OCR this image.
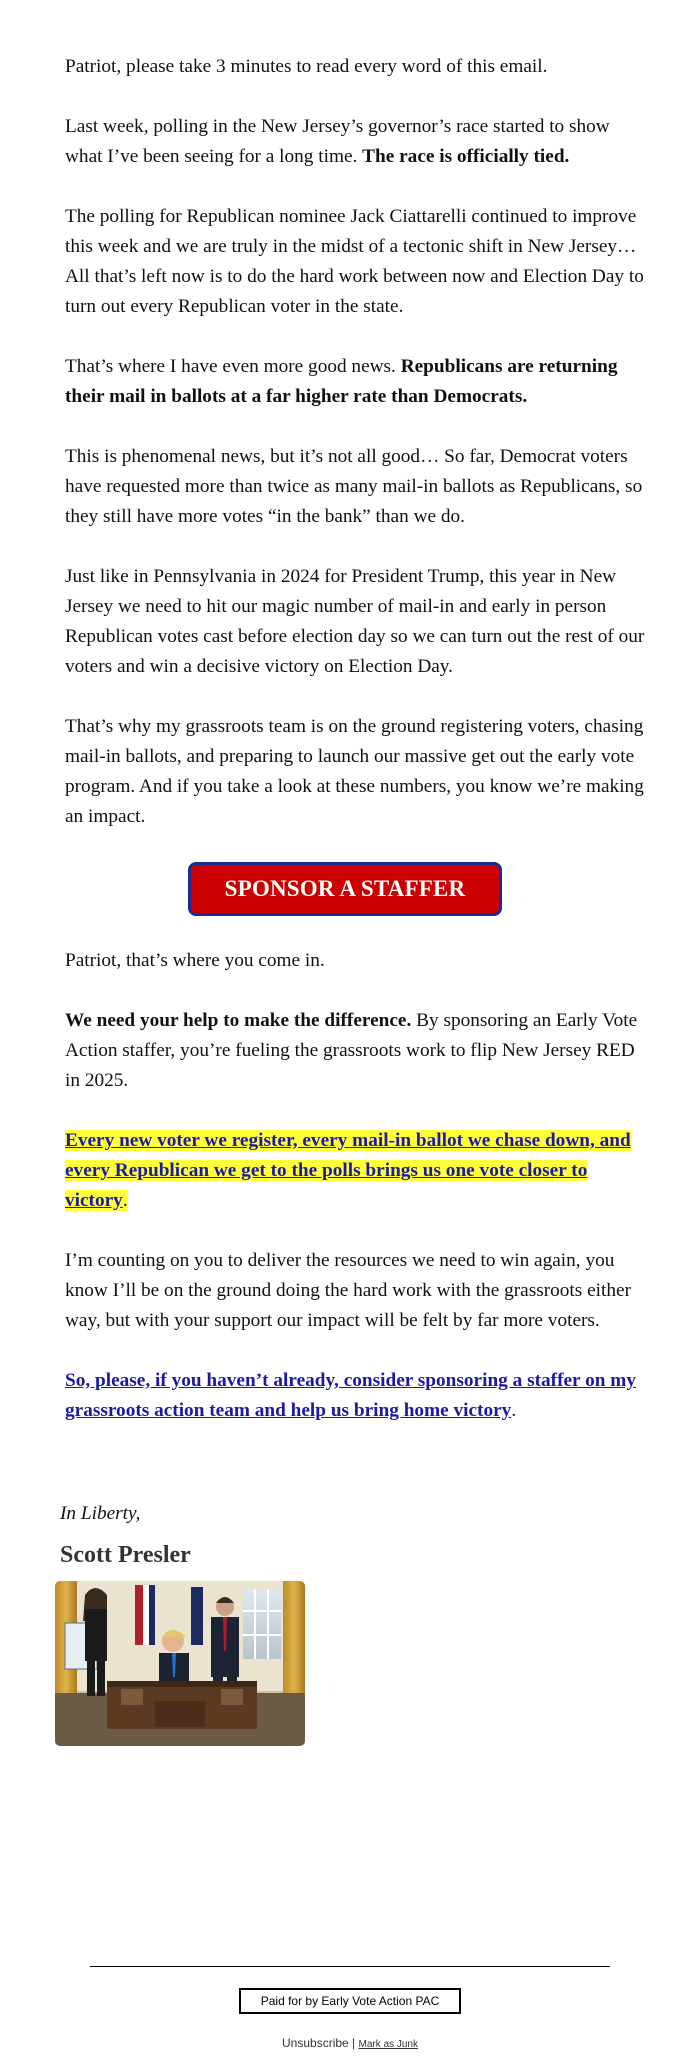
Patriot, please take 3 minutes to read every word of this email.

Last week, polling in the New Jersey’s governor’s race started to show what I’ve been seeing for a long time. The race is officially tied.

The polling for Republican nominee Jack Ciattarelli continued to improve this week and we are truly in the midst of a tectonic shift in New Jersey… All that’s left now is to do the hard work between now and Election Day to turn out every Republican voter in the state.

That’s where I have even more good news. Republicans are returning their mail in ballots at a far higher rate than Democrats.

This is phenomenal news, but it’s not all good… So far, Democrat voters have requested more than twice as many mail-in ballots as Republicans, so they still have more votes “in the bank” than we do.

Just like in Pennsylvania in 2024 for President Trump, this year in New Jersey we need to hit our magic number of mail-in and early in person Republican votes cast before election day so we can turn out the rest of our voters and win a decisive victory on Election Day.

That’s why my grassroots team is on the ground registering voters, chasing mail-in ballots, and preparing to launch our massive get out the early vote program. And if you take a look at these numbers, you know we’re making an impact.

SPONSOR A STAFFER

Patriot, that’s where you come in.

We need your help to make the difference. By sponsoring an Early Vote Action staffer, you’re fueling the grassroots work to flip New Jersey RED in 2025.

Every new voter we register, every mail-in ballot we chase down, and every Republican we get to the polls brings us one vote closer to victory.

I’m counting on you to deliver the resources we need to win again, you know I’ll be on the ground doing the hard work with the grassroots either way, but with your support our impact will be felt by far more voters.

So, please, if you haven’t already, consider sponsoring a staffer on my grassroots action team and help us bring home victory.

In Liberty,

Scott Presler
Paid for by Early Vote Action PAC
Unsubscribe | Mark as Junk
